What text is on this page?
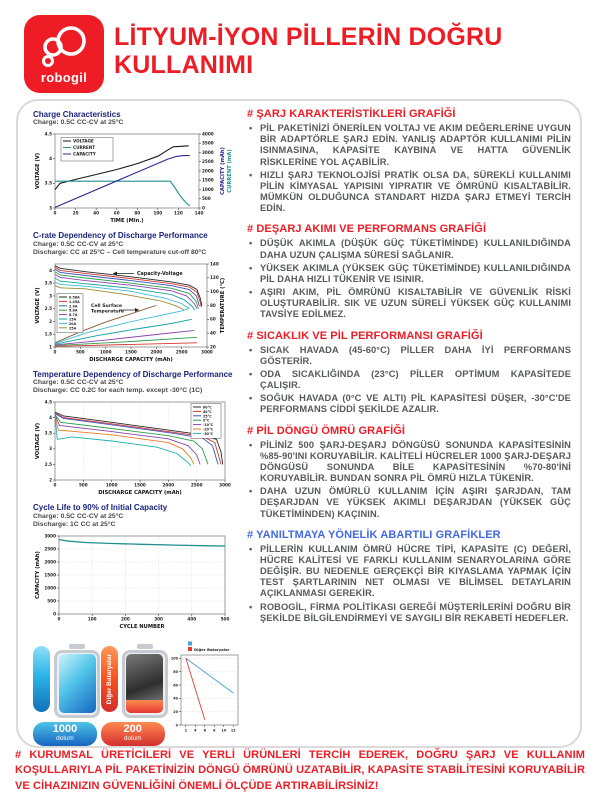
robogil
LİTYUM-İYON PİLLERİN DOĞRU
KULLANIMI
Charge Characteristics
Charge: 0.5C CC-CV at 25°C
0	20	40	60	80	100	120	140
3
3.5
4
4.5
0
500
1000
1500
2000
2500
3000
3500
4000
TIME (Min.)
VOLTAGE (V)	CAPACITY (mAh) CURRENT (mA)
VOLTAGE
CURRENT
CAPACITY
C-rate Dependency of Discharge Performance
Charge: 0.5C CC-CV at 25°C
Discharge: CC at 25°C – Cell temperature cut-off 80°C
0	500	1000	1500	2000	2500	3000
1
1.5
2
2.5
3
3.5
4
20
40
60
80
100
120
140
DISCHARGE CAPACITY (mAh)
VOLTAGE (V)	TEMPERATURE (°C)
0.58A
1.45A
2.9A
5.8A
8.7A
15A
20A
25A
Capacity-Voltage
Cell Surface
Temperature
Temperature Dependency of Discharge Performance
Charge: 0.5C CC-CV at 25°C
Discharge: CC 0.2C for each temp. except -30°C (1C)
0	500	1000	1500	2000	2500	3000
2
2.5
3
3.5
4
4.5
DISCHARGE CAPACITY (mAh)
VOLTAGE (V)
60°C
40°C
25°C
0°C
-10°C
-20°C
-30°C
Cycle Life to 90% of Initial Capacity
Charge: 0.5C CC-CV at 25°C
Discharge: 1C CC at 25°C
0	100	200	300	400	500
0
500
1000
1500
2000
2500
3000
CYCLE NUMBER
CAPACITY (mAh)
1000
dolum
Diğer Bataryalar
200
dolum
2 4 6 8 10 12
0
20
40
60
80
100
Diğer Bataryalar
# ŞARJ KARAKTERİSTİKLERİ GRAFİĞİ
• PİL PAKETİNİZİ ÖNERİLEN VOLTAJ VE AKIM DEĞERLERİNE UYGUN BİR ADAPTÖRLE ŞARJ EDİN. YANLIŞ ADAPTÖR KULLANIMI PİLİN ISINMASINA, KAPASİTE KAYBINA VE HATTA GÜVENLİK RİSKLERİNE YOL AÇABİLİR.
• HIZLI ŞARJ TEKNOLOJİSİ PRATİK OLSA DA, SÜREKLİ KULLANIMI PİLİN KİMYASAL YAPISINI YIPRATIR VE ÖMRÜNÜ KISALTABİLİR. MÜMKÜN OLDUĞUNCA STANDART HIZDA ŞARJ ETMEYİ TERCİH EDİN.
# DEŞARJ AKIMI VE PERFORMANS GRAFİĞİ
• DÜŞÜK AKIMLA (DÜŞÜK GÜÇ TÜKETİMİNDE) KULLANILDIĞINDA DAHA UZUN ÇALIŞMA SÜRESİ SAĞLANIR.
• YÜKSEK AKIMLA (YÜKSEK GÜÇ TÜKETİMİNDE) KULLANILDIĞINDA PİL DAHA HIZLI TÜKENİR VE ISINIR.
• AŞIRI AKIM, PİL ÖMRÜNÜ KISALTABİLİR VE GÜVENLİK RİSKİ OLUŞTURABİLİR. SIK VE UZUN SÜRELİ YÜKSEK GÜÇ KULLANIMI TAVSİYE EDİLMEZ.
# SICAKLIK VE PİL PERFORMANSI GRAFİĞİ
• SICAK HAVADA (45-60°C) PİLLER DAHA İYİ PERFORMANS GÖSTERİR.
• ODA SICAKLIĞINDA (23°C) PİLLER OPTİMUM KAPASİTEDE ÇALIŞIR.
• SOĞUK HAVADA (0°C VE ALTI) PİL KAPASİTESİ DÜŞER, -30°C'DE PERFORMANS CİDDİ ŞEKİLDE AZALIR.
# PİL DÖNGÜ ÖMRÜ GRAFİĞİ
• PİLİNİZ 500 ŞARJ-DEŞARJ DÖNGÜSÜ SONUNDA KAPASİTESİNİN %85-90'INI KORUYABİLİR. KALİTELİ HÜCRELER 1000 ŞARJ-DEŞARJ DÖNGÜSÜ SONUNDA BİLE KAPASİTESİNİN %70-80'İNİ KORUYABİLİR. BUNDAN SONRA PİL ÖMRÜ HIZLA TÜKENİR.
• DAHA UZUN ÖMÜRLÜ KULLANIM İÇİN AŞIRI ŞARJDAN, TAM DEŞARJDAN VE YÜKSEK AKIMLI DEŞARJDAN (YÜKSEK GÜÇ TÜKETİMİNDEN) KAÇININ.
# YANILTMAYA YÖNELİK ABARTILI GRAFİKLER
• PİLLERİN KULLANIM ÖMRÜ HÜCRE TİPİ, KAPASİTE (C) DEĞERİ, HÜCRE KALİTESİ VE FARKLI KULLANIM SENARYOLARINA GÖRE DEĞİŞİR. BU NEDENLE GERÇEKÇİ BİR KIYASLAMA YAPMAK İÇİN TEST ŞARTLARININ NET OLMASI VE BİLİMSEL DETAYLARIN AÇIKLANMASI GEREKİR.
• ROBOGİL, FİRMA POLİTİKASI GEREĞİ MÜŞTERİLERİNİ DOĞRU BİR ŞEKİLDE BİLGİLENDİRMEYİ VE SAYGILI BİR REKABETİ HEDEFLER.
# KURUMSAL ÜRETİCİLERİ VE YERLİ ÜRÜNLERİ TERCİH EDEREK, DOĞRU ŞARJ VE KULLANIM KOŞULLARIYLA PİL PAKETİNİZİN DÖNGÜ ÖMRÜNÜ UZATABİLİR, KAPASİTE STABİLİTESİNİ KORUYABİLİR VE CİHAZINIZIN GÜVENLİĞİNİ ÖNEMLİ ÖLÇÜDE ARTIRABİLİRSİNİZ!
